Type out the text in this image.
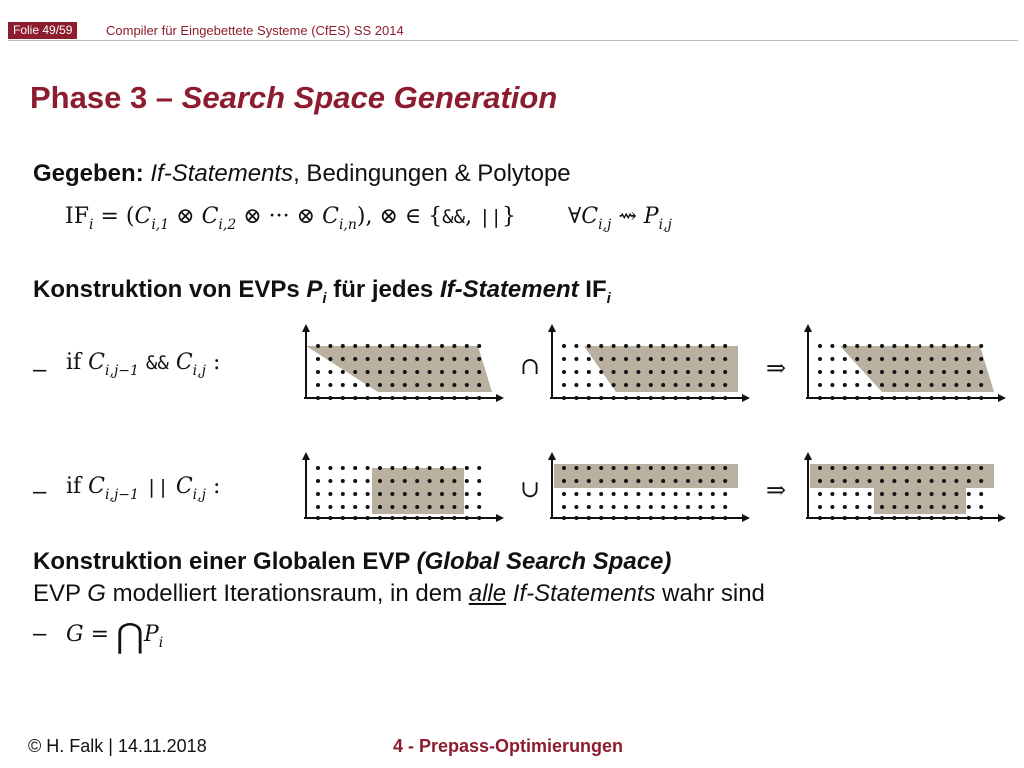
Folie 49/59	Compiler für Eingebettete Systeme (CfES) SS 2014
Phase 3 – Search Space Generation
Gegeben: If-Statements, Bedingungen & Polytope
$IF_i = (C_{i,1}$ ⊗ $C_{i,2}$ ⊗ ··· ⊗ $C_{i,n}$), ⊗ ∈ {&&, ||} $\forall C_{i,j}$ ⇝ $P_{i,j}$
Konstruktion von EVPs $P_i$ für jedes If-Statement $IF_i$
– if $C_{i,j-1}$ && $C_{i,j}$ :	∩	⇒
– if $C_{i,j-1}$ || $C_{i,j}$ :	∪	⇒
Konstruktion einer Globalen EVP (Global Search Space)
EVP G modelliert Iterationsraum, in dem alle If-Statements wahr sind
– $G = ⋂P_i$
© H. Falk | 14.11.2018	4 - Prepass-Optimierungen
